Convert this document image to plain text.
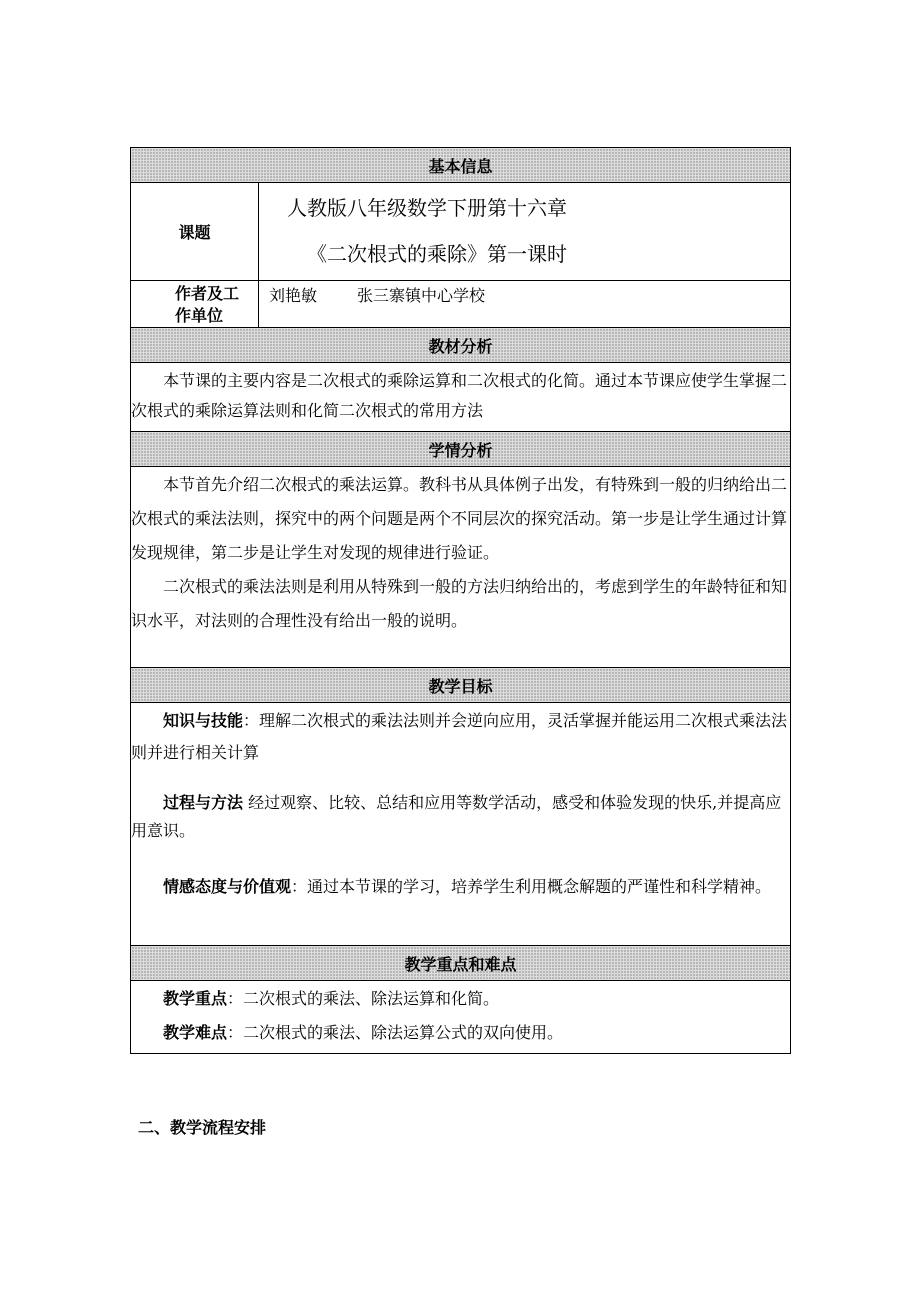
基本信息	
课题	人教版八年级数学下册第十六章
《二次根式的乘除》第一课时

作者及工
作单位	刘艳敏 张三寨镇中心学校

教材分析	

本节课的主要内容是二次根式的乘除运算和二次根式的化简。通过本节课应使学生掌握二次根式的乘除运算法则和化简二次根式的常用方法	

学情分析	

本节首先介绍二次根式的乘法运算。教科书从具体例子出发，有特殊到一般的归纳给出二次根式的乘法法则，探究中的两个问题是两个不同层次的探究活动。第一步是让学生通过计算发现规律，第二步是让学生对发现的规律进行验证。

二次根式的乘法法则是利用从特殊到一般的方法归纳给出的，考虑到学生的年龄特征和知识水平，对法则的合理性没有给出一般的说明。	

教学目标	

知识与技能：理解二次根式的乘法法则并会逆向应用，灵活掌握并能运用二次根式乘法法则并进行相关计算

过程与方法 经过观察、比较、总结和应用等数学活动，感受和体验发现的快乐,并提高应用意识。

情感态度与价值观：通过本节课的学习，培养学生利用概念解题的严谨性和科学精神。	

教学重点和难点	

教学重点：二次根式的乘法、除法运算和化简。

教学难点：二次根式的乘法、除法运算公式的双向使用。	

二、教学流程安排
